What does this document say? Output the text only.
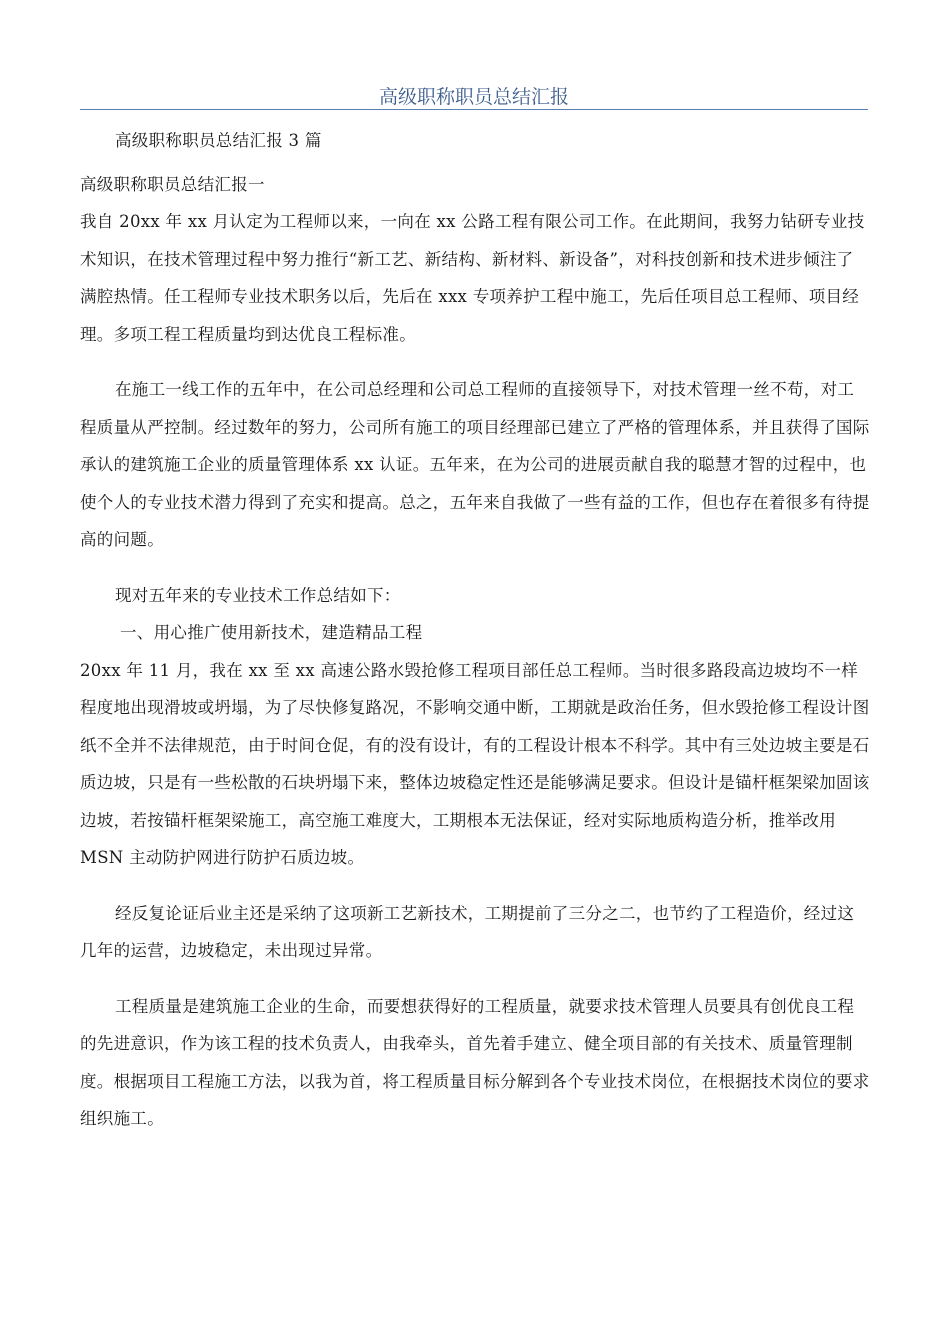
高级职称职员总结汇报

高级职称职员总结汇报 3 篇

高级职称职员总结汇报一

我自 20xx 年 xx 月认定为工程师以来，一向在 xx 公路工程有限公司工作。在此期间，我努力钻研专业技术知识，在技术管理过程中努力推行“新工艺、新结构、新材料、新设备”，对科技创新和技术进步倾注了满腔热情。任工程师专业技术职务以后，先后在 xxx 专项养护工程中施工，先后任项目总工程师、项目经理。多项工程工程质量均到达优良工程标准。

在施工一线工作的五年中，在公司总经理和公司总工程师的直接领导下，对技术管理一丝不苟，对工程质量从严控制。经过数年的努力，公司所有施工的项目经理部已建立了严格的管理体系，并且获得了国际承认的建筑施工企业的质量管理体系 xx 认证。五年来，在为公司的进展贡献自我的聪慧才智的过程中，也使个人的专业技术潜力得到了充实和提高。总之，五年来自我做了一些有益的工作，但也存在着很多有待提高的问题。

现对五年来的专业技术工作总结如下：

一、用心推广使用新技术，建造精品工程

20xx 年 11 月，我在 xx 至 xx 高速公路水毁抢修工程项目部任总工程师。当时很多路段高边坡均不一样程度地出现滑坡或坍塌，为了尽快修复路况，不影响交通中断，工期就是政治任务，但水毁抢修工程设计图纸不全并不法律规范，由于时间仓促，有的没有设计，有的工程设计根本不科学。其中有三处边坡主要是石质边坡，只是有一些松散的石块坍塌下来，整体边坡稳定性还是能够满足要求。但设计是锚杆框架梁加固该边坡，若按锚杆框架梁施工，高空施工难度大，工期根本无法保证，经对实际地质构造分析，推举改用 MSN 主动防护网进行防护石质边坡。

经反复论证后业主还是采纳了这项新工艺新技术，工期提前了三分之二，也节约了工程造价，经过这几年的运营，边坡稳定，未出现过异常。

工程质量是建筑施工企业的生命，而要想获得好的工程质量，就要求技术管理人员要具有创优良工程的先进意识，作为该工程的技术负责人，由我牵头，首先着手建立、健全项目部的有关技术、质量管理制度。根据项目工程施工方法，以我为首，将工程质量目标分解到各个专业技术岗位，在根据技术岗位的要求组织施工。
